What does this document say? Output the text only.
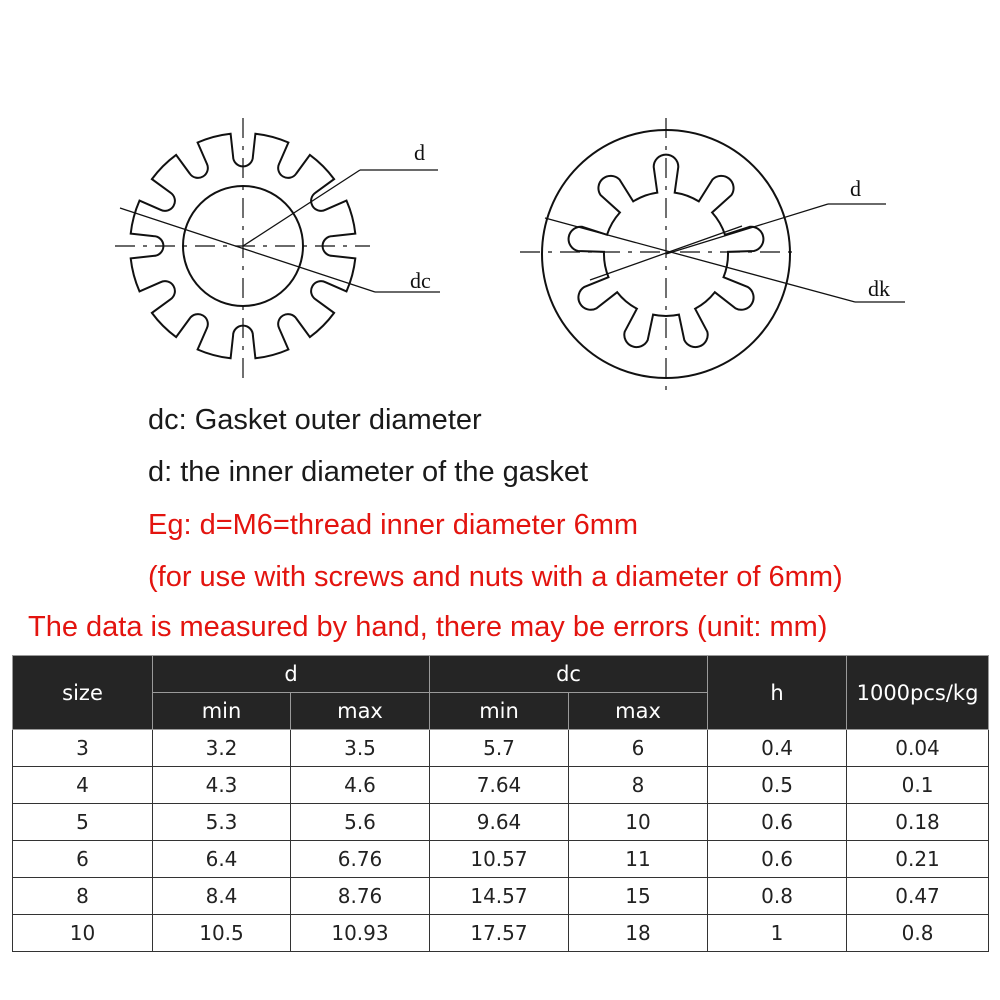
d
dc
d
dk
dc: Gasket outer diameter
d: the inner diameter of the gasket
Eg: d=M6=thread inner diameter 6mm
(for use with screws and nuts with a diameter of 6mm)
The data is measured by hand, there may be errors (unit: mm)
size	d		dc		h	1000pcs/kg
	min	max	min	max		
3	3.2	3.5	5.7	6	0.4	0.04
4	4.3	4.6	7.64	8	0.5	0.1
5	5.3	5.6	9.64	10	0.6	0.18
6	6.4	6.76	10.57	11	0.6	0.21
8	8.4	8.76	14.57	15	0.8	0.47
10	10.5	10.93	17.57	18	1	0.8
